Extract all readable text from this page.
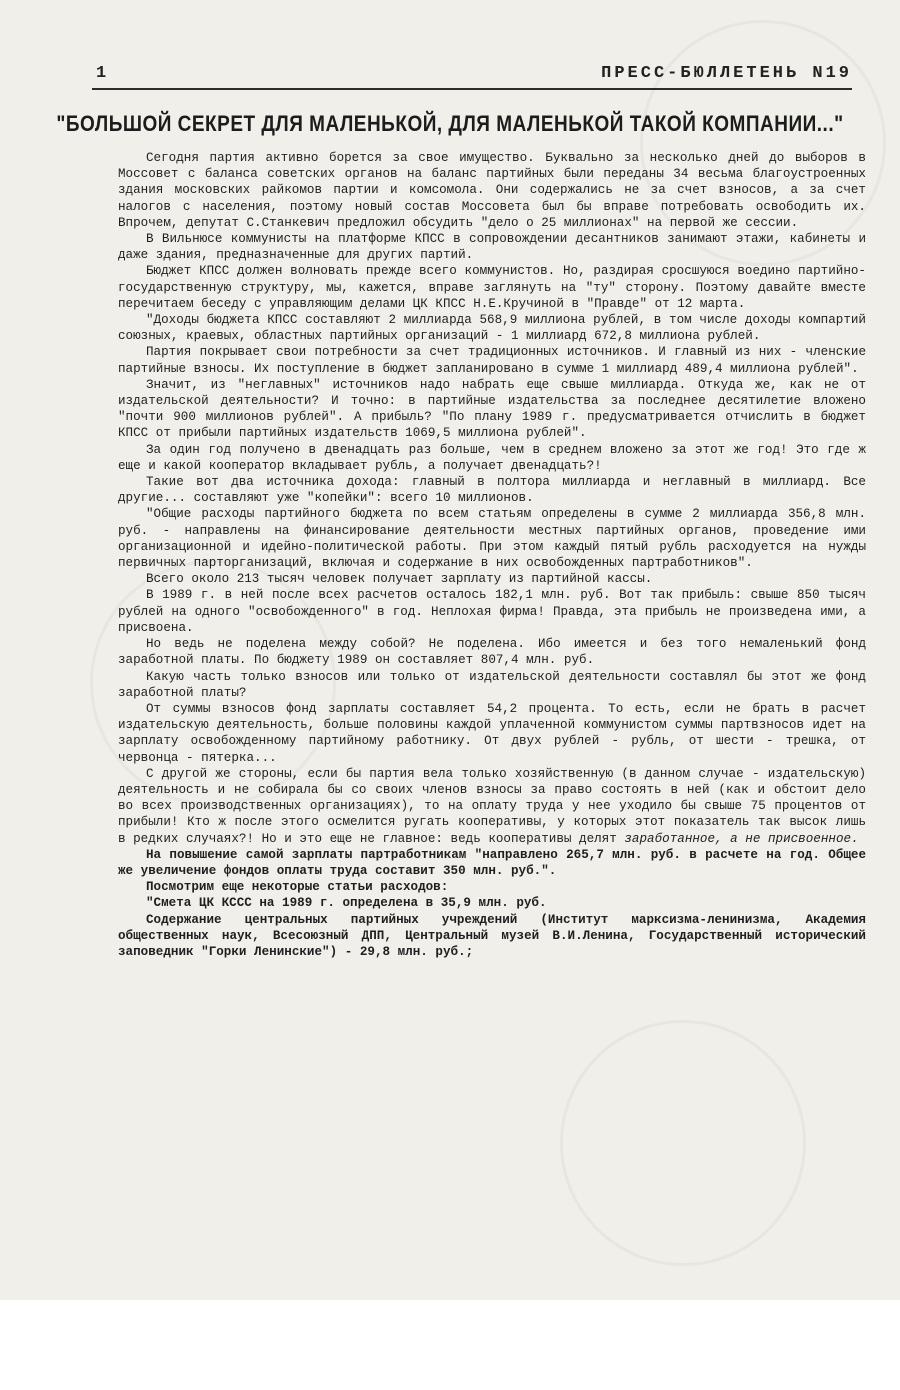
1	ПРЕСС-БЮЛЛЕТЕНЬ N19
"БОЛЬШОЙ СЕКРЕТ ДЛЯ МАЛЕНЬКОЙ, ДЛЯ МАЛЕНЬКОЙ ТАКОЙ КОМПАНИИ..."

Сегодня партия активно борется за свое имущество. Буквально за несколько дней до выборов в Моссовет с баланса советских органов на баланс партийных были переданы 34 весьма благоустроенных здания московских райкомов партии и комсомола. Они содержались не за счет взносов, а за счет налогов с населения, поэтому новый состав Моссовета был бы вправе потребовать освободить их. Впрочем, депутат С.Станкевич предложил обсудить "дело о 25 миллионах" на первой же сессии.

В Вильнюсе коммунисты на платформе КПСС в сопровождении десантников занимают этажи, кабинеты и даже здания, предназначенные для других партий.

Бюджет КПСС должен волновать прежде всего коммунистов. Но, раздирая сросшуюся воедино партийно-государственную структуру, мы, кажется, вправе заглянуть на "ту" сторону. Поэтому давайте вместе перечитаем беседу с управляющим делами ЦК КПСС Н.Е.Кручиной в "Правде" от 12 марта.

"Доходы бюджета КПСС составляют 2 миллиарда 568,9 миллиона рублей, в том числе доходы компартий союзных, краевых, областных партийных организаций - 1 миллиард 672,8 миллиона рублей.

Партия покрывает свои потребности за счет традиционных источников. И главный из них - членские партийные взносы. Их поступление в бюджет запланировано в сумме 1 миллиард 489,4 миллиона рублей".

Значит, из "неглавных" источников надо набрать еще свыше миллиарда. Откуда же, как не от издательской деятельности? И точно: в партийные издательства за последнее десятилетие вложено "почти 900 миллионов рублей". А прибыль? "По плану 1989 г. предусматривается отчислить в бюджет КПСС от прибыли партийных издательств 1069,5 миллиона рублей".

За один год получено в двенадцать раз больше, чем в среднем вложено за этот же год! Это где ж еще и какой кооператор вкладывает рубль, а получает двенадцать?!

Такие вот два источника дохода: главный в полтора миллиарда и неглавный в миллиард. Все другие... составляют уже "копейки": всего 10 миллионов.

"Общие расходы партийного бюджета по всем статьям определены в сумме 2 миллиарда 356,8 млн. руб. - направлены на финансирование деятельности местных партийных органов, проведение ими организационной и идейно-политической работы. При этом каждый пятый рубль расходуется на нужды первичных парторганизаций, включая и содержание в них освобожденных партработников".

Всего около 213 тысяч человек получает зарплату из партийной кассы.

В 1989 г. в ней после всех расчетов осталось 182,1 млн. руб. Вот так прибыль: свыше 850 тысяч рублей на одного "освобожденного" в год. Неплохая фирма! Правда, эта прибыль не произведена ими, а присвоена.

Но ведь не поделена между собой? Не поделена. Ибо имеется и без того немаленький фонд заработной платы. По бюджету 1989 он составляет 807,4 млн. руб.

Какую часть только взносов или только от издательской деятельности составлял бы этот же фонд заработной платы?

От суммы взносов фонд зарплаты составляет 54,2 процента. То есть, если не брать в расчет издательскую деятельность, больше половины каждой уплаченной коммунистом суммы партвзносов идет на зарплату освобожденному партийному работнику. От двух рублей - рубль, от шести - трешка, от червонца - пятерка...

С другой же стороны, если бы партия вела только хозяйственную (в данном случае - издательскую) деятельность и не собирала бы со своих членов взносы за право состоять в ней (как и обстоит дело во всех производственных организациях), то на оплату труда у нее уходило бы свыше 75 процентов от прибыли! Кто ж после этого осмелится ругать кооперативы, у которых этот показатель так высок лишь в редких случаях?! Но и это еще не главное: ведь кооперативы делят заработанное, а не присвоенное.

На повышение самой зарплаты партработникам "направлено 265,7 млн. руб. в расчете на год. Общее же увеличение фондов оплаты труда составит 350 млн. руб.".

Посмотрим еще некоторые статьи расходов:

"Смета ЦК КССС на 1989 г. определена в 35,9 млн. руб.

Содержание центральных партийных учреждений (Институт марксизма-ленинизма, Академия общественных наук, Всесоюзный ДПП, Центральный музей В.И.Ленина, Государственный исторический заповедник "Горки Ленинские") - 29,8 млн. руб.;
